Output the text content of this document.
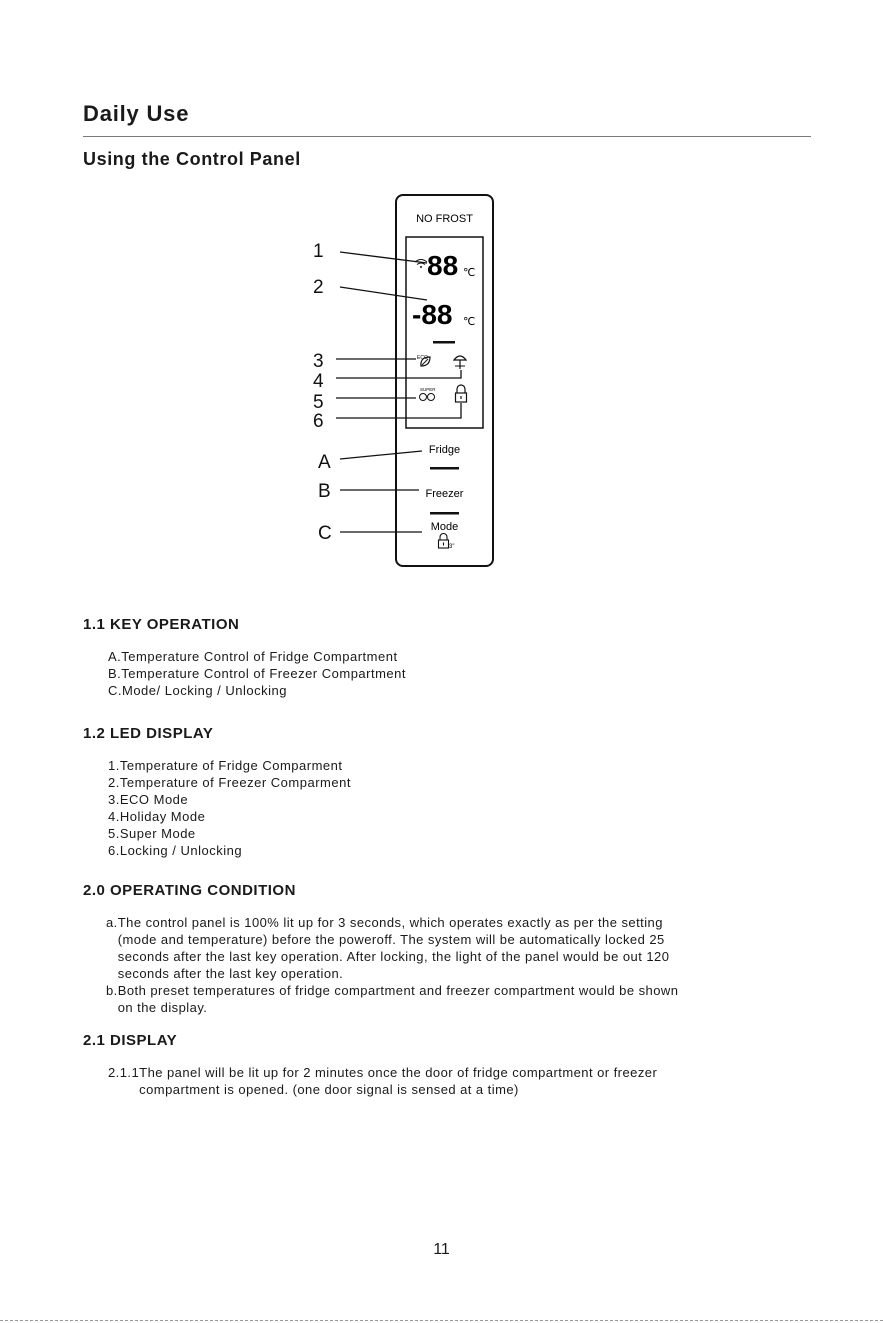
Daily Use
Using the Control Panel
NO FROST
88 ℃
-88 ℃
ECO
SUPER
Fridge
Freezer
Mode
3"
1
2
3
4
5
6
A
B
C
1.1 KEY OPERATION
A.Temperature Control of Fridge Compartment
B.Temperature Control of Freezer Compartment
C.Mode/ Locking / Unlocking
1.2 LED DISPLAY
1.Temperature of Fridge Comparment
2.Temperature of Freezer Comparment
3.ECO Mode
4.Holiday Mode
5.Super Mode
6.Locking / Unlocking
2.0 OPERATING CONDITION
a. The control panel is 100% lit up for 3 seconds, which operates exactly as per the setting
(mode and temperature) before the poweroff. The system will be automatically locked 25
seconds after the last key operation. After locking, the light of the panel would be out 120
seconds after the last key operation.
b. Both preset temperatures of fridge compartment and freezer compartment would be shown
on the display.
2.1 DISPLAY
2.1.1 The panel will be lit up for 2 minutes once the door of fridge compartment or freezer
compartment is opened. (one door signal is sensed at a time)
11
